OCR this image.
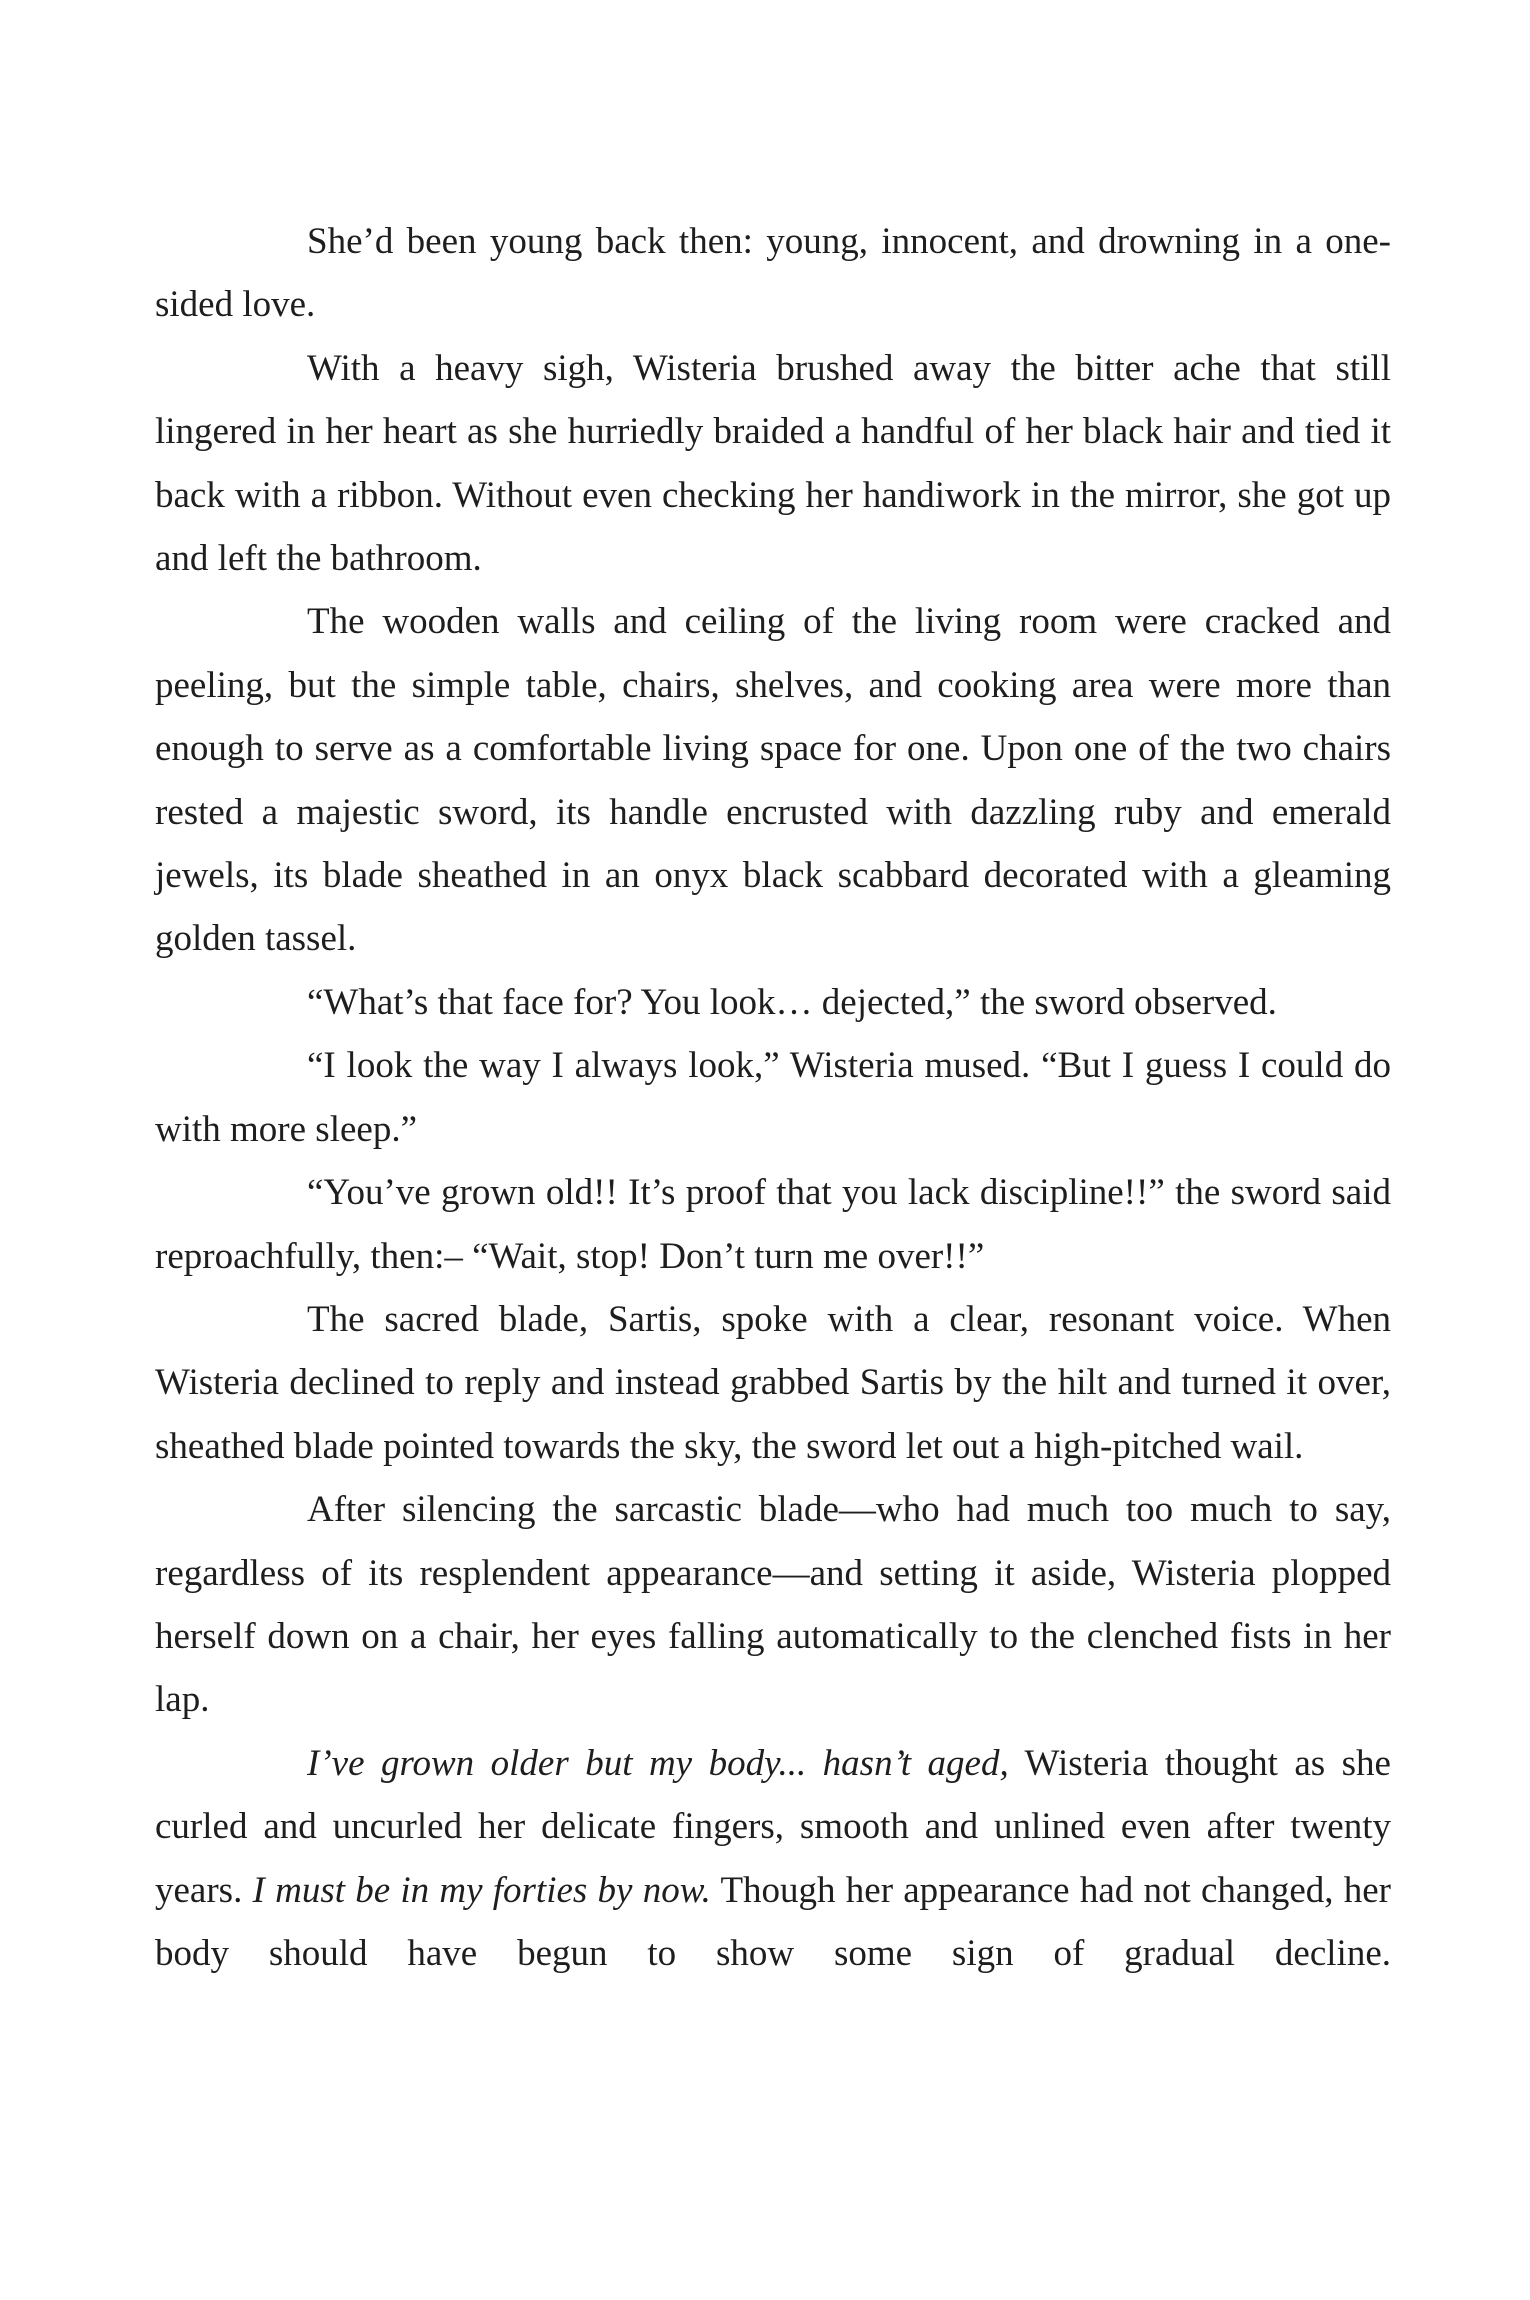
She’d been young back then: young, innocent, and drowning in a one-sided love.

With a heavy sigh, Wisteria brushed away the bitter ache that still lingered in her heart as she hurriedly braided a handful of her black hair and tied it back with a ribbon. Without even checking her handiwork in the mirror, she got up and left the bathroom.

The wooden walls and ceiling of the living room were cracked and peeling, but the simple table, chairs, shelves, and cooking area were more than enough to serve as a comfortable living space for one. Upon one of the two chairs rested a majestic sword, its handle encrusted with dazzling ruby and emerald jewels, its blade sheathed in an onyx black scabbard decorated with a gleaming golden tassel.

“What’s that face for? You look… dejected,” the sword observed.

“I look the way I always look,” Wisteria mused. “But I guess I could do with more sleep.”

“You’ve grown old!! It’s proof that you lack discipline!!” the sword said reproachfully, then:– “Wait, stop! Don’t turn me over!!”

The sacred blade, Sartis, spoke with a clear, resonant voice. When Wisteria declined to reply and instead grabbed Sartis by the hilt and turned it over, sheathed blade pointed towards the sky, the sword let out a high-pitched wail.

After silencing the sarcastic blade—who had much too much to say, regardless of its resplendent appearance—and setting it aside, Wisteria plopped herself down on a chair, her eyes falling automatically to the clenched fists in her lap.

I’ve grown older but my body... hasn’t aged, Wisteria thought as she curled and uncurled her delicate fingers, smooth and unlined even after twenty years. I must be in my forties by now. Though her appearance had not changed, her body should have begun to show some sign of gradual decline.
